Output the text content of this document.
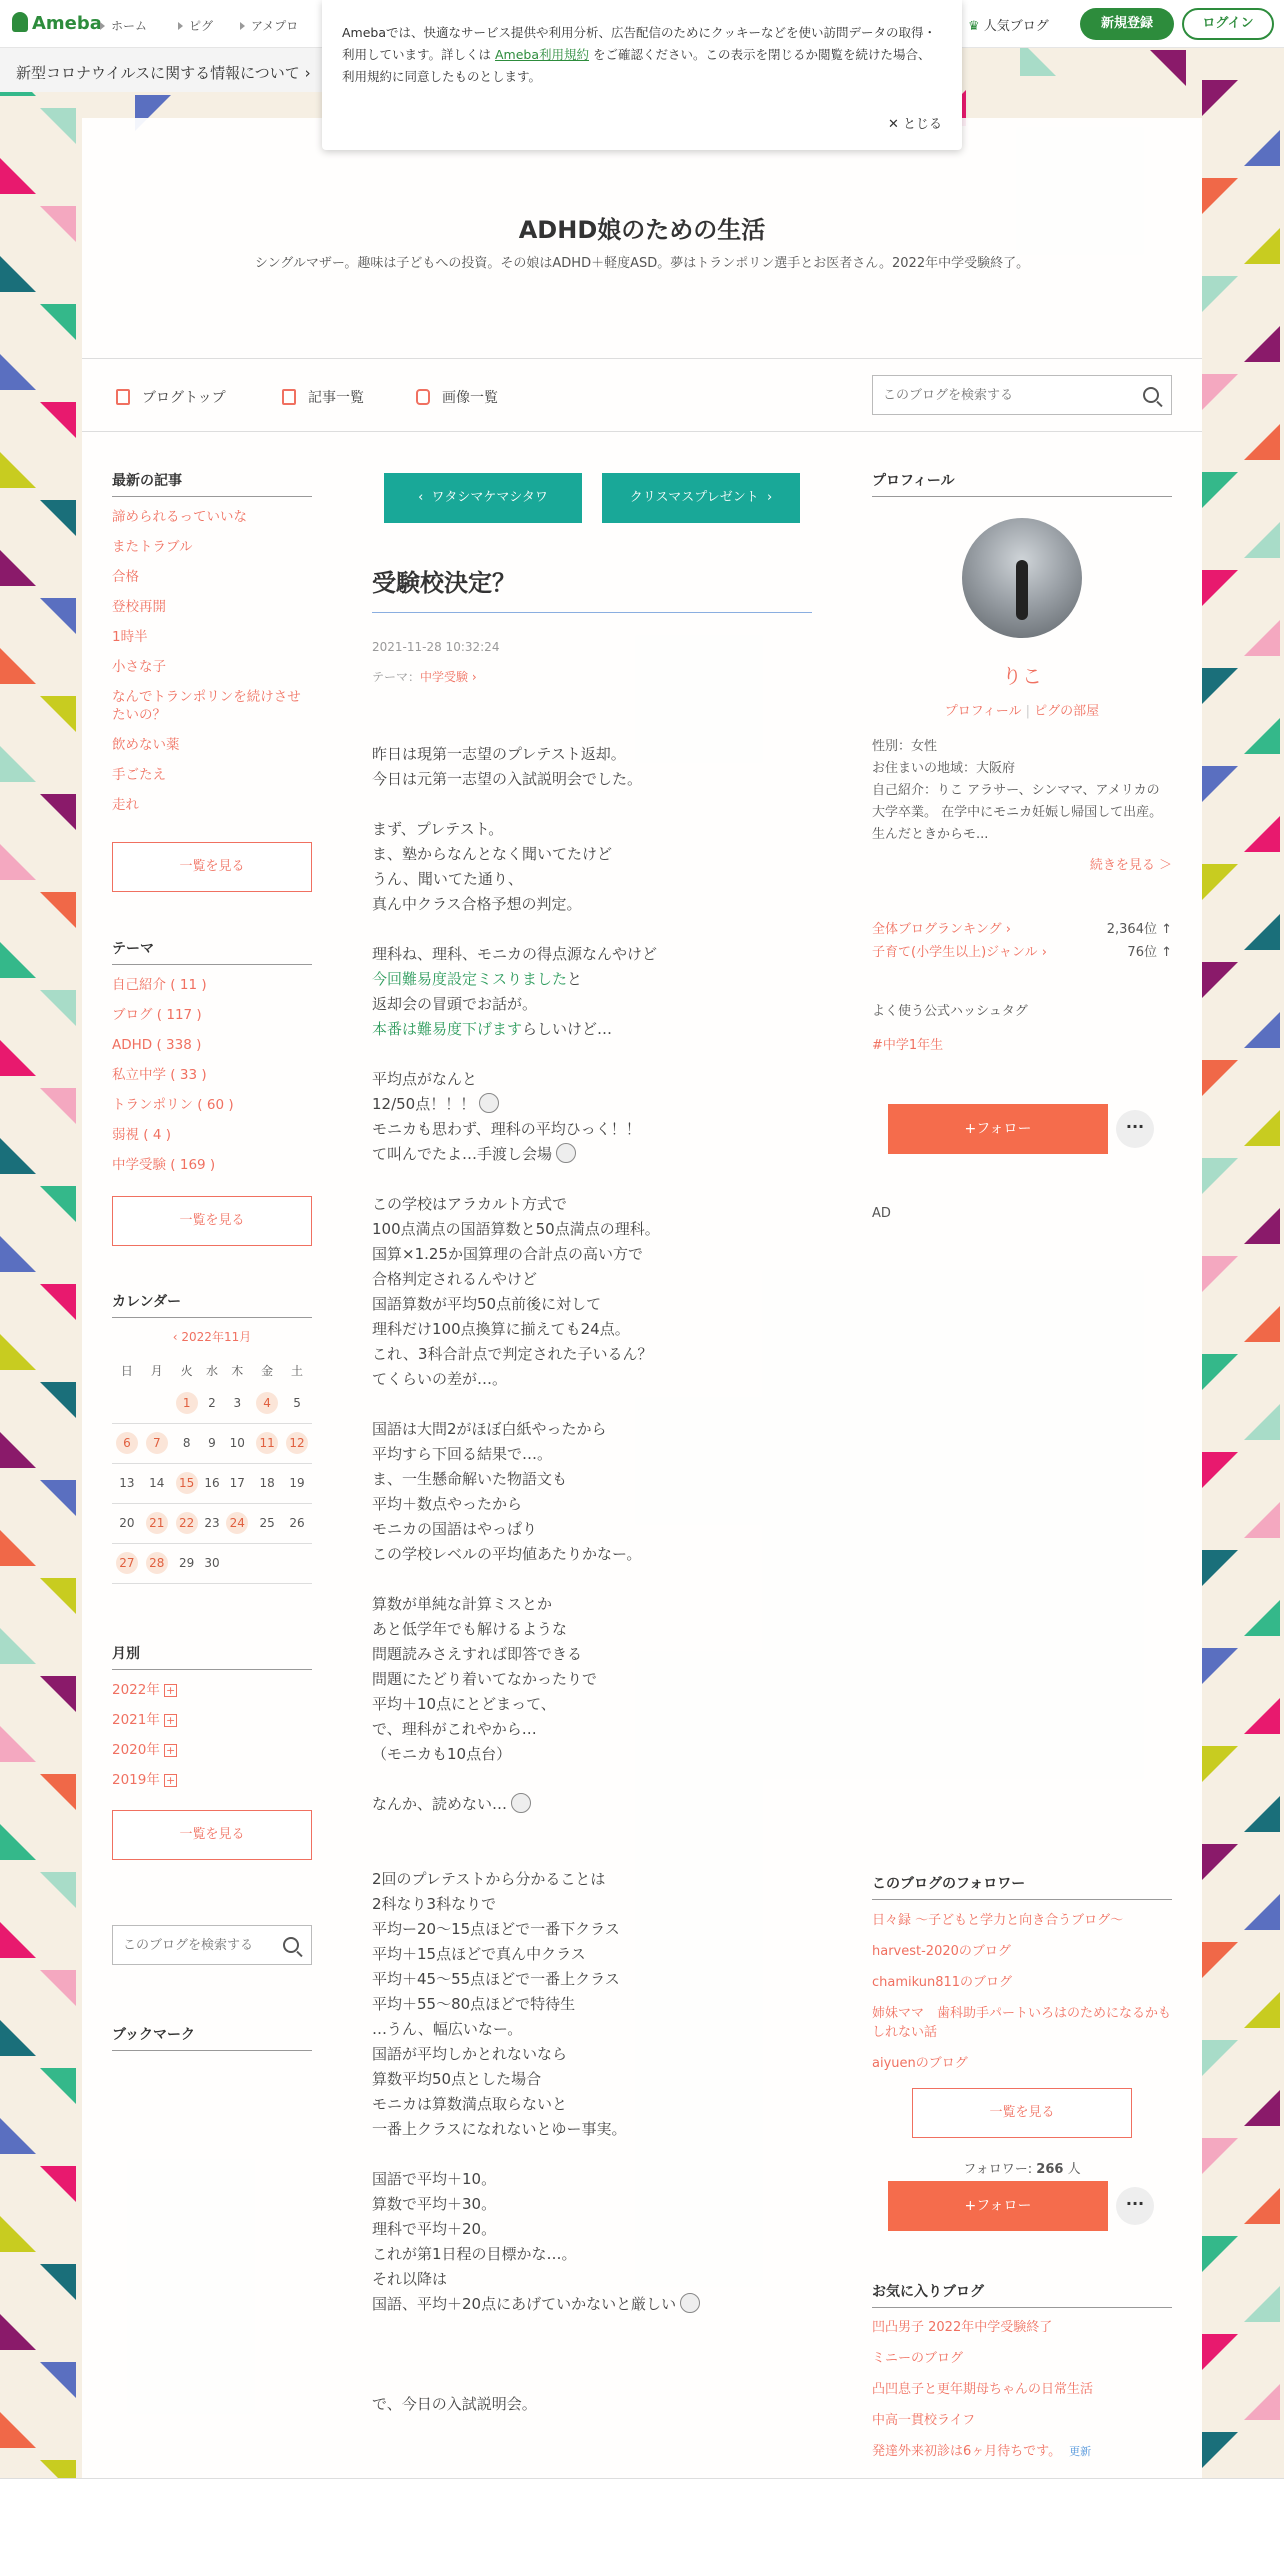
Ameba ホーム	ピグ	アメプロ	♛ 人気ブログ	新規登録	ログイン
新型コロナウイルスに関する情報について ›
Amebaでは、快適なサービス提供や利用分析、広告配信のためにクッキーなどを使い訪問データの取得・利用しています。詳しくは Ameba利用規約 をご確認ください。この表示を閉じるか閲覧を続けた場合、利用規約に同意したものとします。
✕ とじる
ADHD娘のための生活
シングルマザー。趣味は子どもへの投資。その娘はADHD＋軽度ASD。夢はトランポリン選手とお医者さん。2022年中学受験終了。
ブログトップ	記事一覧	画像一覧
このブログを検索する
最新の記事
諦められるっていいな
またトラブル
合格
登校再開
1時半
小さな子
なんでトランポリンを続けさせたいの？
飲めない薬
手ごたえ
走れ
一覧を見る
テーマ
自己紹介 ( 11 )
ブログ ( 117 )
ADHD ( 338 )
私立中学 ( 33 )
トランポリン ( 60 )
弱視 ( 4 )
中学受験 ( 169 )
一覧を見る
カレンダー
‹ 2022年11月
日	月	火	水	木	金	土
		1	2	3	4	5
6	7	8	9	10	11	12
13	14	15	16	17	18	19
20	21	22	23	24	25	26
27	28	29	30			
月別
2022年 +
2021年 +
2020年 +
2019年 +
一覧を見る
このブログを検索する
ブックマーク
‹ ワタシマケマシタワ	クリスマスプレゼント ›
受験校決定？
2021-11-28 10:32:24
テーマ：中学受験 ›

昨日は現第一志望のプレテスト返却。
今日は元第一志望の入試説明会でした。

まず、プレテスト。
ま、塾からなんとなく聞いてたけど
うん、聞いてた通り、
真ん中クラス合格予想の判定。

理科ね、理科、モニカの得点源なんやけど
今回難易度設定ミスりましたと
返却会の冒頭でお話が。
本番は難易度下げますらしいけど…

平均点がなんと
12/50点！！！
モニカも思わず、理科の平均ひっく！！
て叫んでたよ…手渡し会場

この学校はアラカルト方式で
100点満点の国語算数と50点満点の理科。
国算×1.25か国算理の合計点の高い方で
合格判定されるんやけど
国語算数が平均50点前後に対して
理科だけ100点換算に揃えても24点。
これ、3科合計点で判定された子いるん？
てくらいの差が…。

国語は大問2がほぼ白紙やったから
平均すら下回る結果で…。
ま、一生懸命解いた物語文も
平均＋数点やったから
モニカの国語はやっぱり
この学校レベルの平均値あたりかなー。

算数が単純な計算ミスとか
あと低学年でも解けるような
問題読みさえすれば即答できる
問題にたどり着いてなかったりで
平均＋10点にとどまって、
で、理科がこれやから…
（モニカも10点台）

なんか、読めない…

2回のプレテストから分かることは
2科なり3科なりで
平均ー20〜15点ほどで一番下クラス
平均＋15点ほどで真ん中クラス
平均＋45〜55点ほどで一番上クラス
平均＋55〜80点ほどで特待生
…うん、幅広いなー。
国語が平均しかとれないなら
算数平均50点とした場合
モニカは算数満点取らないと
一番上クラスになれないとゆー事実。

国語で平均＋10。
算数で平均＋30。
理科で平均＋20。
これが第1日程の目標かな…。
それ以降は
国語、平均＋20点にあげていかないと厳しい

で、今日の入試説明会。

プロフィール
りこ
プロフィール | ピグの部屋
性別：女性
お住まいの地域：大阪府
自己紹介：りこ アラサー、シンママ、アメリカの大学卒業。 在学中にモニカ妊娠し帰国して出産。 生んだときからモ...
続きを見る ＞
全体ブログランキング ›	2,364位 ↑
子育て(小学生以上)ジャンル ›	76位 ↑
よく使う公式ハッシュタグ
#中学1年生
+フォロー	···
AD
このブログのフォロワー
日々録 ～子どもと学力と向き合うブログ～
harvest-2020のブログ
chamikun811のブログ
姉妹ママ　歯科助手パートいろはのためになるかもしれない話
aiyuenのブログ
一覧を見る
フォロワー: 266 人
+フォロー	···
お気に入りブログ
凹凸男子 2022年中学受験終了
ミニーのブログ
凸凹息子と更年期母ちゃんの日常生活
中高一貫校ライフ
発達外来初診は6ヶ月待ちです。 更新
